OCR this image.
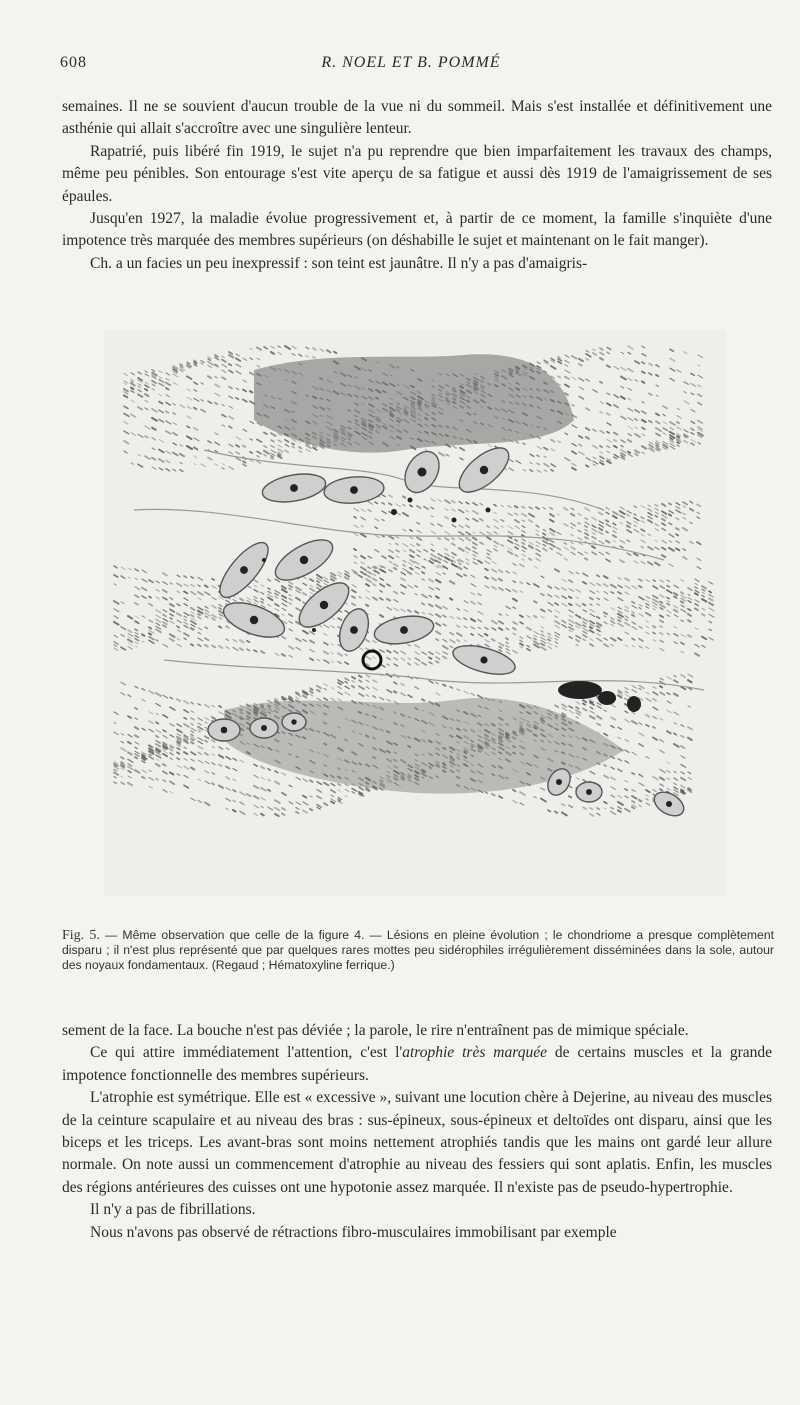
608	R. NOEL ET B. POMMÉ

semaines. Il ne se souvient d'aucun trouble de la vue ni du sommeil. Mais s'est installée et définitivement une asthénie qui allait s'accroître avec une singulière lenteur.

Rapatrié, puis libéré fin 1919, le sujet n'a pu reprendre que bien imparfaitement les travaux des champs, même peu pénibles. Son entourage s'est vite aperçu de sa fatigue et aussi dès 1919 de l'amaigrissement de ses épaules.

Jusqu'en 1927, la maladie évolue progressivement et, à partir de ce moment, la famille s'inquiète d'une impotence très marquée des membres supérieurs (on déshabille le sujet et maintenant on le fait manger).

Ch. a un facies un peu inexpressif : son teint est jaunâtre. Il n'y a pas d'amaigris-

Fig. 5. — Même observation que celle de la figure 4. — Lésions en pleine évolution ; le chondriome a presque complètement disparu ; il n'est plus représenté que par quelques rares mottes peu sidérophiles irrégulièrement disséminées dans la sole, autour des noyaux fondamentaux. (Regaud ; Hématoxyline ferrique.)

sement de la face. La bouche n'est pas déviée ; la parole, le rire n'entraînent pas de mimique spéciale.

Ce qui attire immédiatement l'attention, c'est l'atrophie très marquée de certains muscles et la grande impotence fonctionnelle des membres supérieurs.

L'atrophie est symétrique. Elle est « excessive », suivant une locution chère à Dejerine, au niveau des muscles de la ceinture scapulaire et au niveau des bras : sus-épineux, sous-épineux et deltoïdes ont disparu, ainsi que les biceps et les triceps. Les avant-bras sont moins nettement atrophiés tandis que les mains ont gardé leur allure normale. On note aussi un commencement d'atrophie au niveau des fessiers qui sont aplatis. Enfin, les muscles des régions antérieures des cuisses ont une hypotonie assez marquée. Il n'existe pas de pseudo-hypertrophie.

Il n'y a pas de fibrillations.

Nous n'avons pas observé de rétractions fibro-musculaires immobilisant par exemple
